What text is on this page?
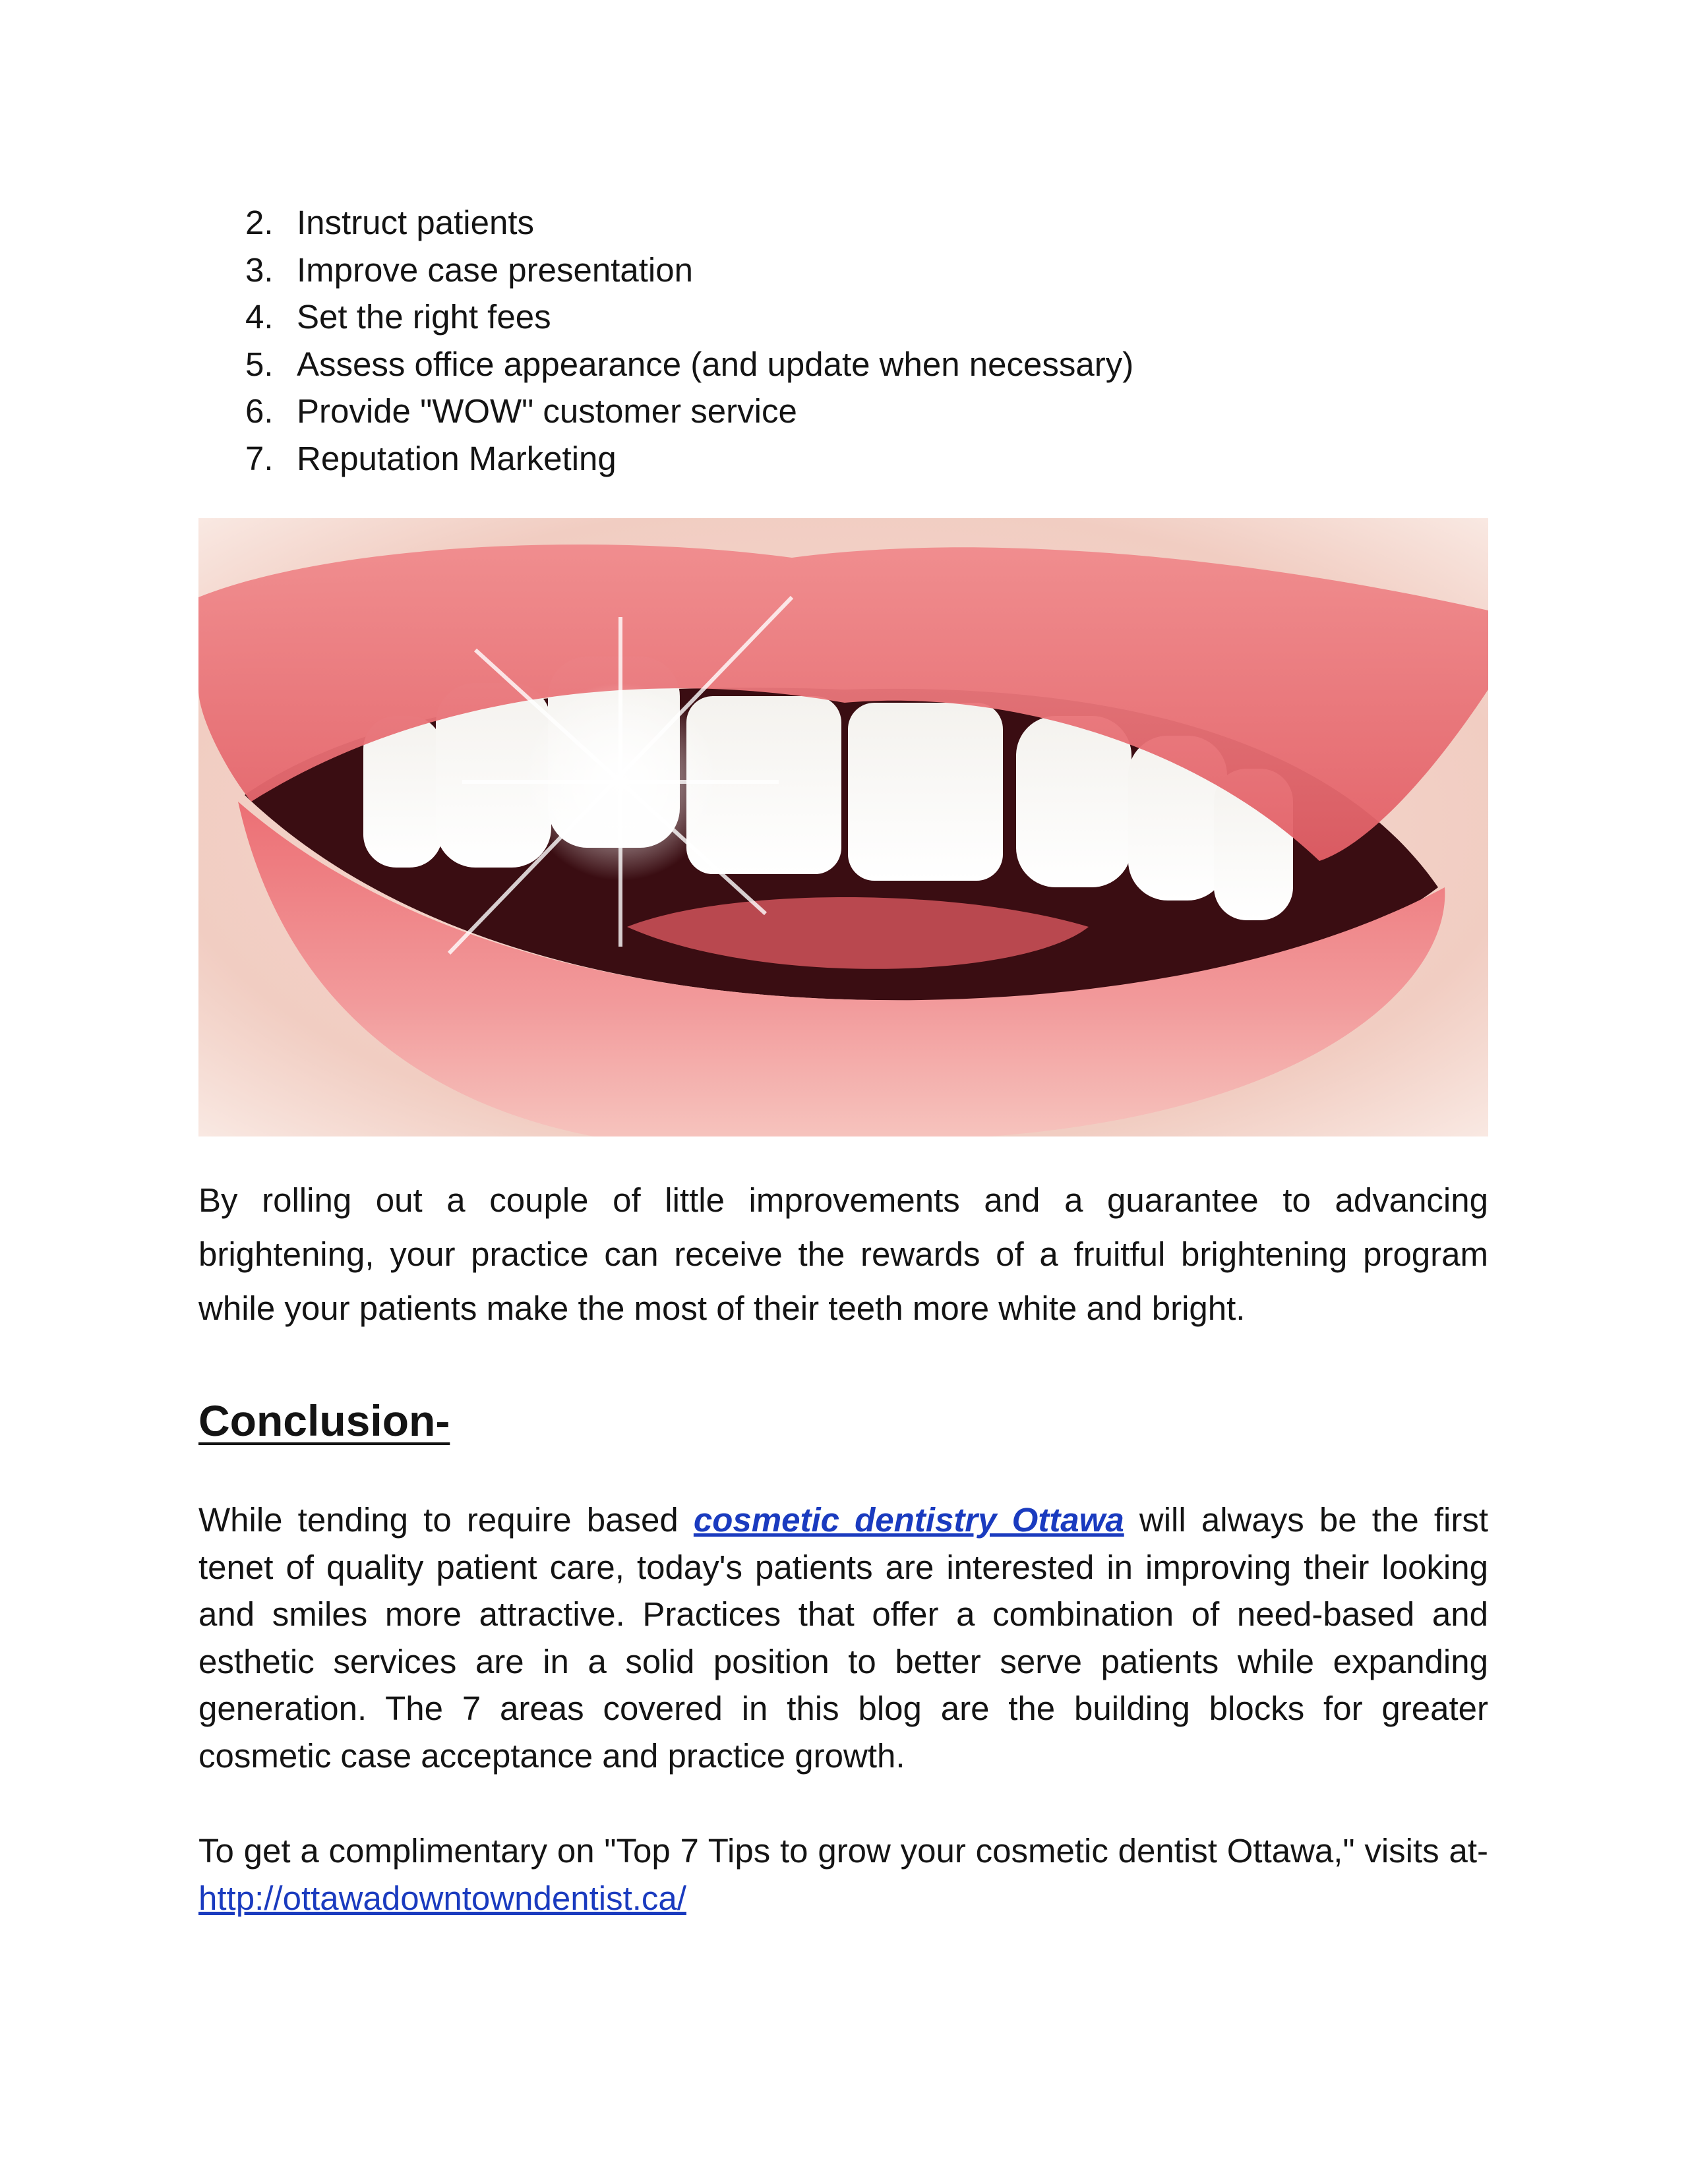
2. Instruct patients
3. Improve case presentation
4. Set the right fees
5. Assess office appearance (and update when necessary)
6. Provide "WOW" customer service
7. Reputation Marketing

By rolling out a couple of little improvements and a guarantee to advancing brightening, your practice can receive the rewards of a fruitful brightening program while your patients make the most of their teeth more white and bright.

Conclusion-

While tending to require based cosmetic dentistry Ottawa will always be the first tenet of quality patient care, today's patients are interested in improving their looking and smiles more attractive. Practices that offer a combination of need-based and esthetic services are in a solid position to better serve patients while expanding generation. The 7 areas covered in this blog are the building blocks for greater cosmetic case acceptance and practice growth.

To get a complimentary on "Top 7 Tips to grow your cosmetic dentist Ottawa," visits at- http://ottawadowntowndentist.ca/
